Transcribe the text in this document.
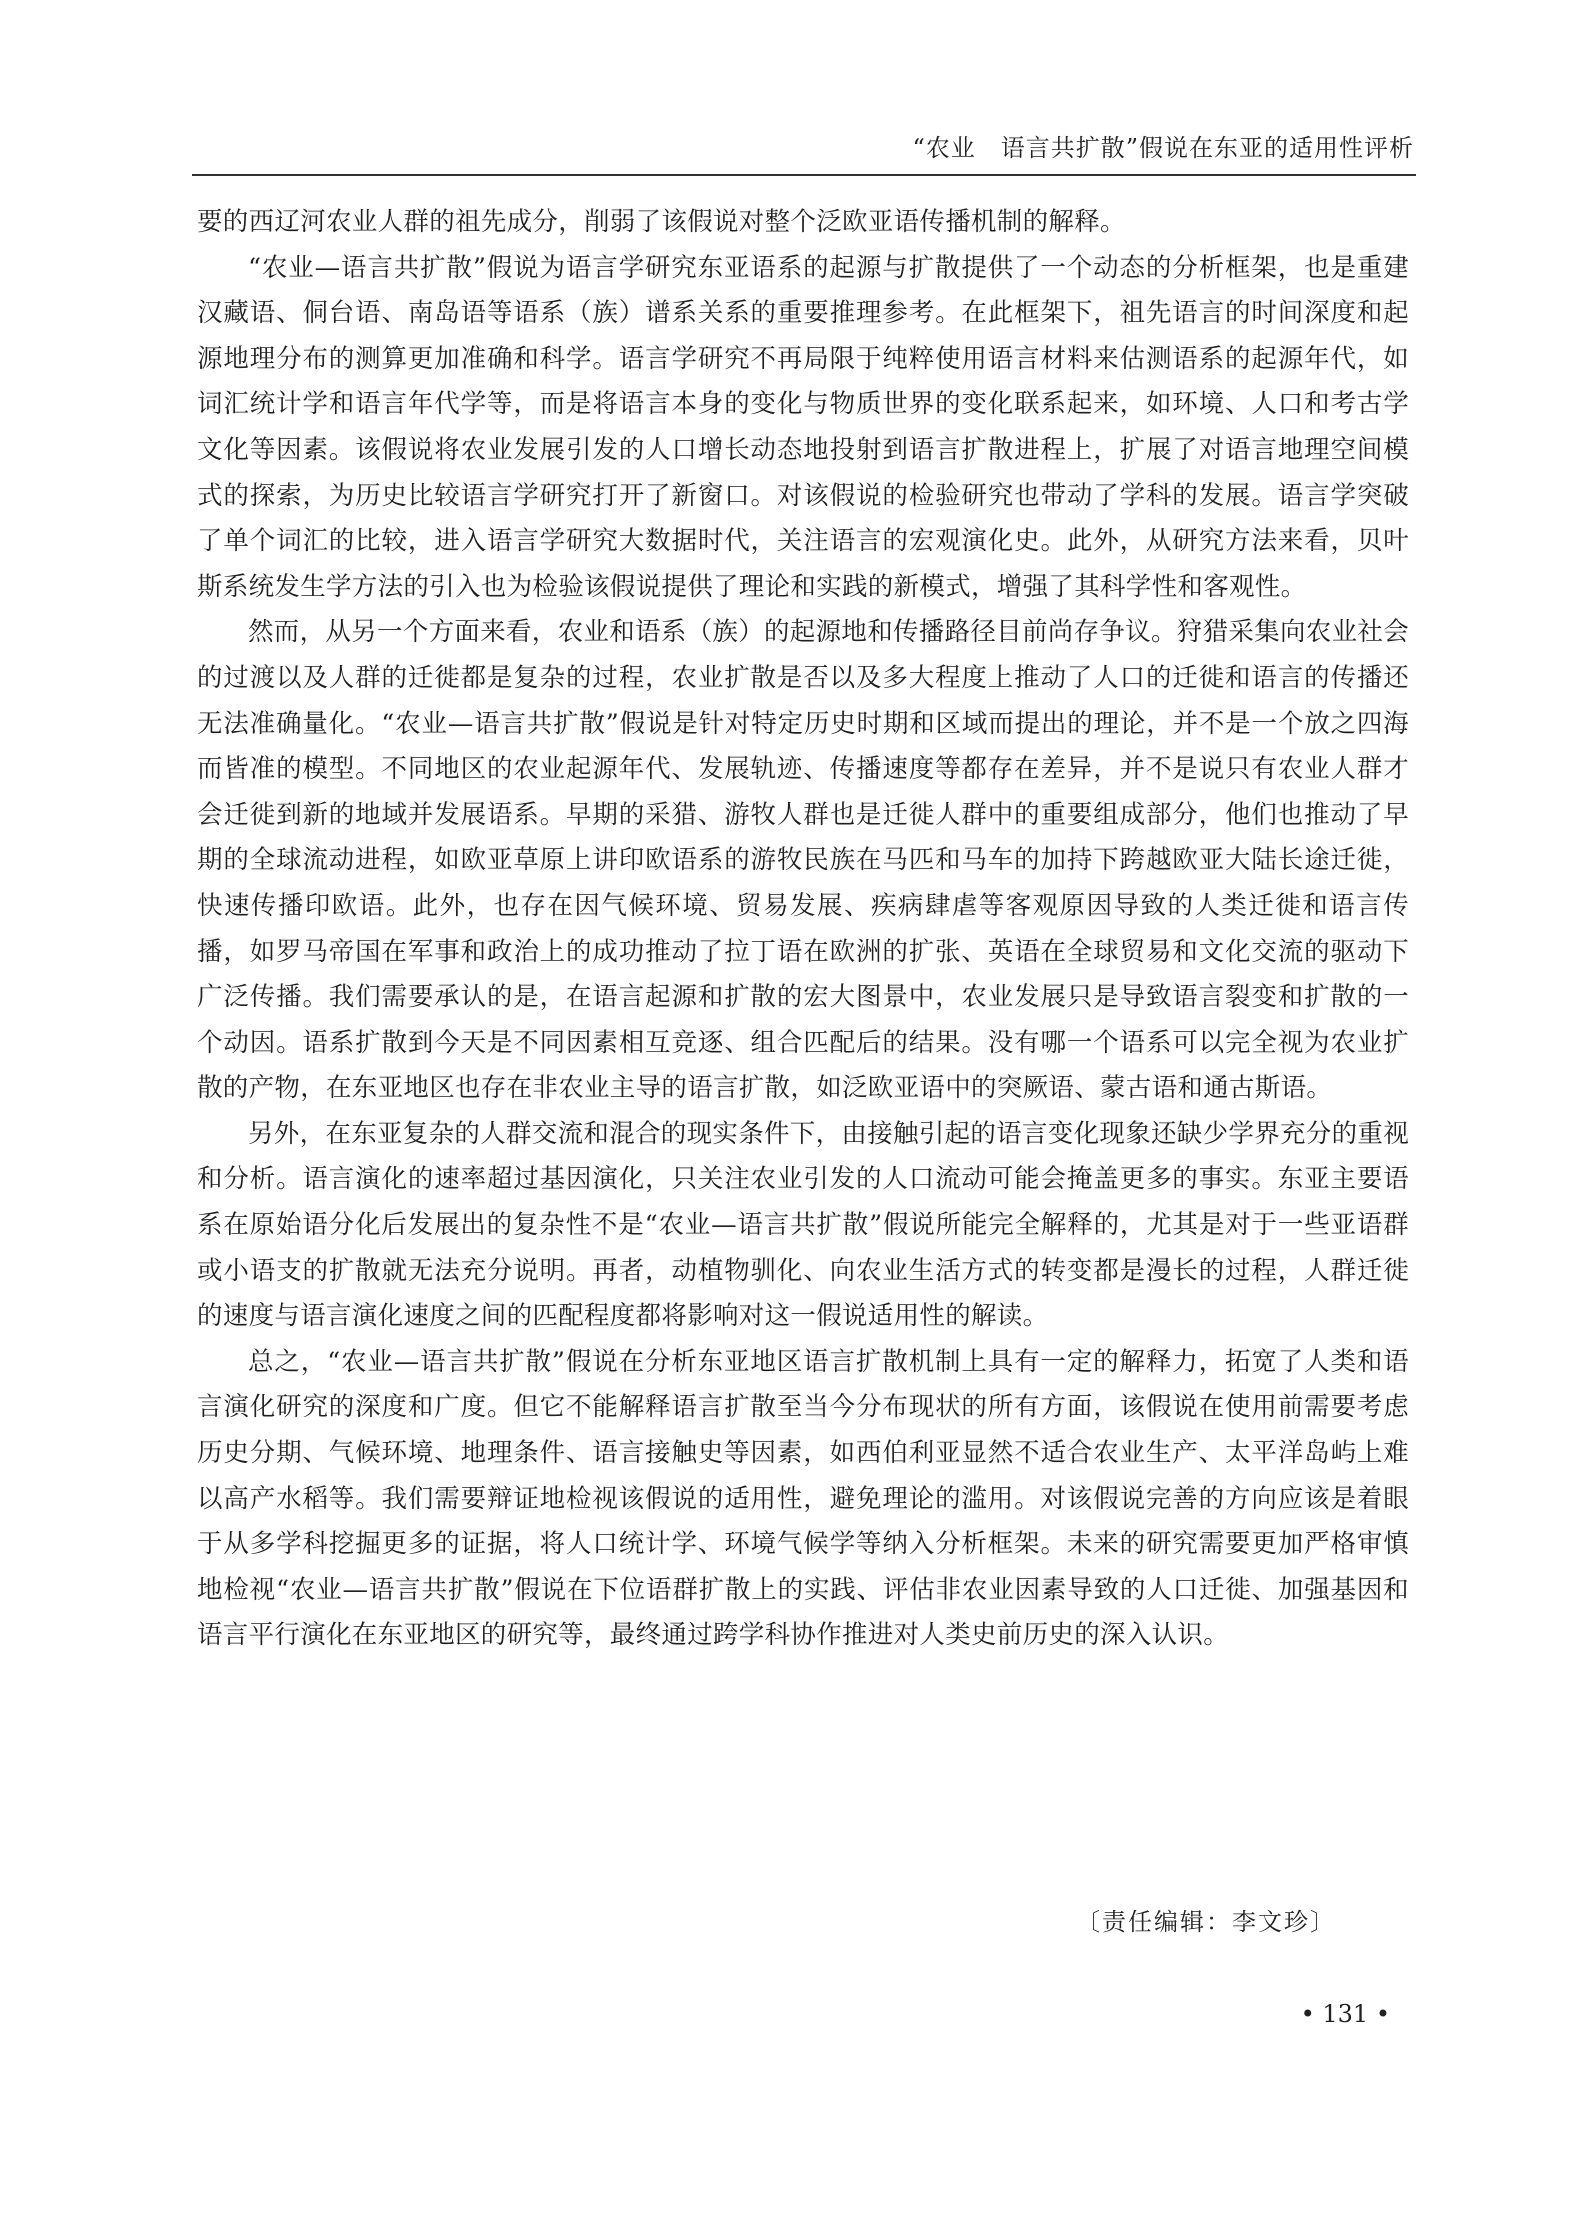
“农业　语言共扩散”假说在东亚的适用性评析

要的西辽河农业人群的祖先成分，削弱了该假说对整个泛欧亚语传播机制的解释。

“农业—语言共扩散”假说为语言学研究东亚语系的起源与扩散提供了一个动态的分析框架，也是重建汉藏语、侗台语、南岛语等语系（族）谱系关系的重要推理参考。在此框架下，祖先语言的时间深度和起源地理分布的测算更加准确和科学。语言学研究不再局限于纯粹使用语言材料来估测语系的起源年代，如词汇统计学和语言年代学等，而是将语言本身的变化与物质世界的变化联系起来，如环境、人口和考古学文化等因素。该假说将农业发展引发的人口增长动态地投射到语言扩散进程上，扩展了对语言地理空间模式的探索，为历史比较语言学研究打开了新窗口。对该假说的检验研究也带动了学科的发展。语言学突破了单个词汇的比较，进入语言学研究大数据时代，关注语言的宏观演化史。此外，从研究方法来看，贝叶斯系统发生学方法的引入也为检验该假说提供了理论和实践的新模式，增强了其科学性和客观性。

然而，从另一个方面来看，农业和语系（族）的起源地和传播路径目前尚存争议。狩猎采集向农业社会的过渡以及人群的迁徙都是复杂的过程，农业扩散是否以及多大程度上推动了人口的迁徙和语言的传播还无法准确量化。“农业—语言共扩散”假说是针对特定历史时期和区域而提出的理论，并不是一个放之四海而皆准的模型。不同地区的农业起源年代、发展轨迹、传播速度等都存在差异，并不是说只有农业人群才会迁徙到新的地域并发展语系。早期的采猎、游牧人群也是迁徙人群中的重要组成部分，他们也推动了早期的全球流动进程，如欧亚草原上讲印欧语系的游牧民族在马匹和马车的加持下跨越欧亚大陆长途迁徙，快速传播印欧语。此外，也存在因气候环境、贸易发展、疾病肆虐等客观原因导致的人类迁徙和语言传播，如罗马帝国在军事和政治上的成功推动了拉丁语在欧洲的扩张、英语在全球贸易和文化交流的驱动下广泛传播。我们需要承认的是，在语言起源和扩散的宏大图景中，农业发展只是导致语言裂变和扩散的一个动因。语系扩散到今天是不同因素相互竞逐、组合匹配后的结果。没有哪一个语系可以完全视为农业扩散的产物，在东亚地区也存在非农业主导的语言扩散，如泛欧亚语中的突厥语、蒙古语和通古斯语。

另外，在东亚复杂的人群交流和混合的现实条件下，由接触引起的语言变化现象还缺少学界充分的重视和分析。语言演化的速率超过基因演化，只关注农业引发的人口流动可能会掩盖更多的事实。东亚主要语系在原始语分化后发展出的复杂性不是“农业—语言共扩散”假说所能完全解释的，尤其是对于一些亚语群或小语支的扩散就无法充分说明。再者，动植物驯化、向农业生活方式的转变都是漫长的过程，人群迁徙的速度与语言演化速度之间的匹配程度都将影响对这一假说适用性的解读。

总之，“农业—语言共扩散”假说在分析东亚地区语言扩散机制上具有一定的解释力，拓宽了人类和语言演化研究的深度和广度。但它不能解释语言扩散至当今分布现状的所有方面，该假说在使用前需要考虑历史分期、气候环境、地理条件、语言接触史等因素，如西伯利亚显然不适合农业生产、太平洋岛屿上难以高产水稻等。我们需要辩证地检视该假说的适用性，避免理论的滥用。对该假说完善的方向应该是着眼于从多学科挖掘更多的证据，将人口统计学、环境气候学等纳入分析框架。未来的研究需要更加严格审慎地检视“农业—语言共扩散”假说在下位语群扩散上的实践、评估非农业因素导致的人口迁徙、加强基因和语言平行演化在东亚地区的研究等，最终通过跨学科协作推进对人类史前历史的深入认识。

〔责任编辑：李文珍〕
• 131 •
